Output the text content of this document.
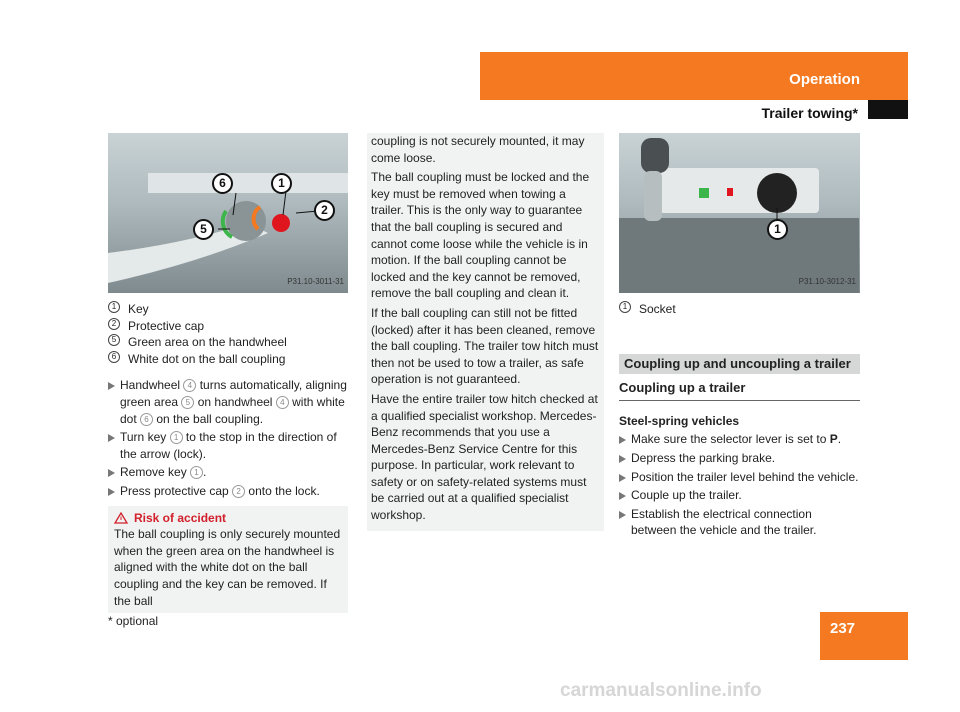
Operation
Trailer towing*
6	1
2
5
P31.10-3011-31
1 Key
2 Protective cap
5 Green area on the handwheel
6 White dot on the ball coupling
Handwheel 4 turns automatically, aligning green area 5 on handwheel 4 with white dot 6 on the ball coupling.
Turn key 1 to the stop in the direction of the arrow (lock).
Remove key 1 .
Press protective cap 2 onto the lock.
Risk of accident
The ball coupling is only securely mounted when the green area on the handwheel is aligned with the white dot on the ball coupling and the key can be removed. If the ball

coupling is not securely mounted, it may come loose.

The ball coupling must be locked and the key must be removed when towing a trailer. This is the only way to guarantee that the ball coupling is secured and cannot come loose while the vehicle is in motion. If the ball coupling cannot be locked and the key cannot be removed, remove the ball coupling and clean it.

If the ball coupling can still not be fitted (locked) after it has been cleaned, remove the ball coupling. The trailer tow hitch must then not be used to tow a trailer, as safe operation is not guaranteed.

Have the entire trailer tow hitch checked at a qualified specialist workshop. Mercedes-Benz recommends that you use a Mercedes-Benz Service Centre for this purpose. In particular, work relevant to safety or on safety-related systems must be carried out at a qualified specialist workshop.

1
P31.10-3012-31
1 Socket
Coupling up and uncoupling a trailer
Coupling up a trailer
Steel-spring vehicles
Make sure the selector lever is set to P.
Depress the parking brake.
Position the trailer level behind the vehicle.
Couple up the trailer.
Establish the electrical connection between the vehicle and the trailer.
237
* optional
carmanualsonline.info
